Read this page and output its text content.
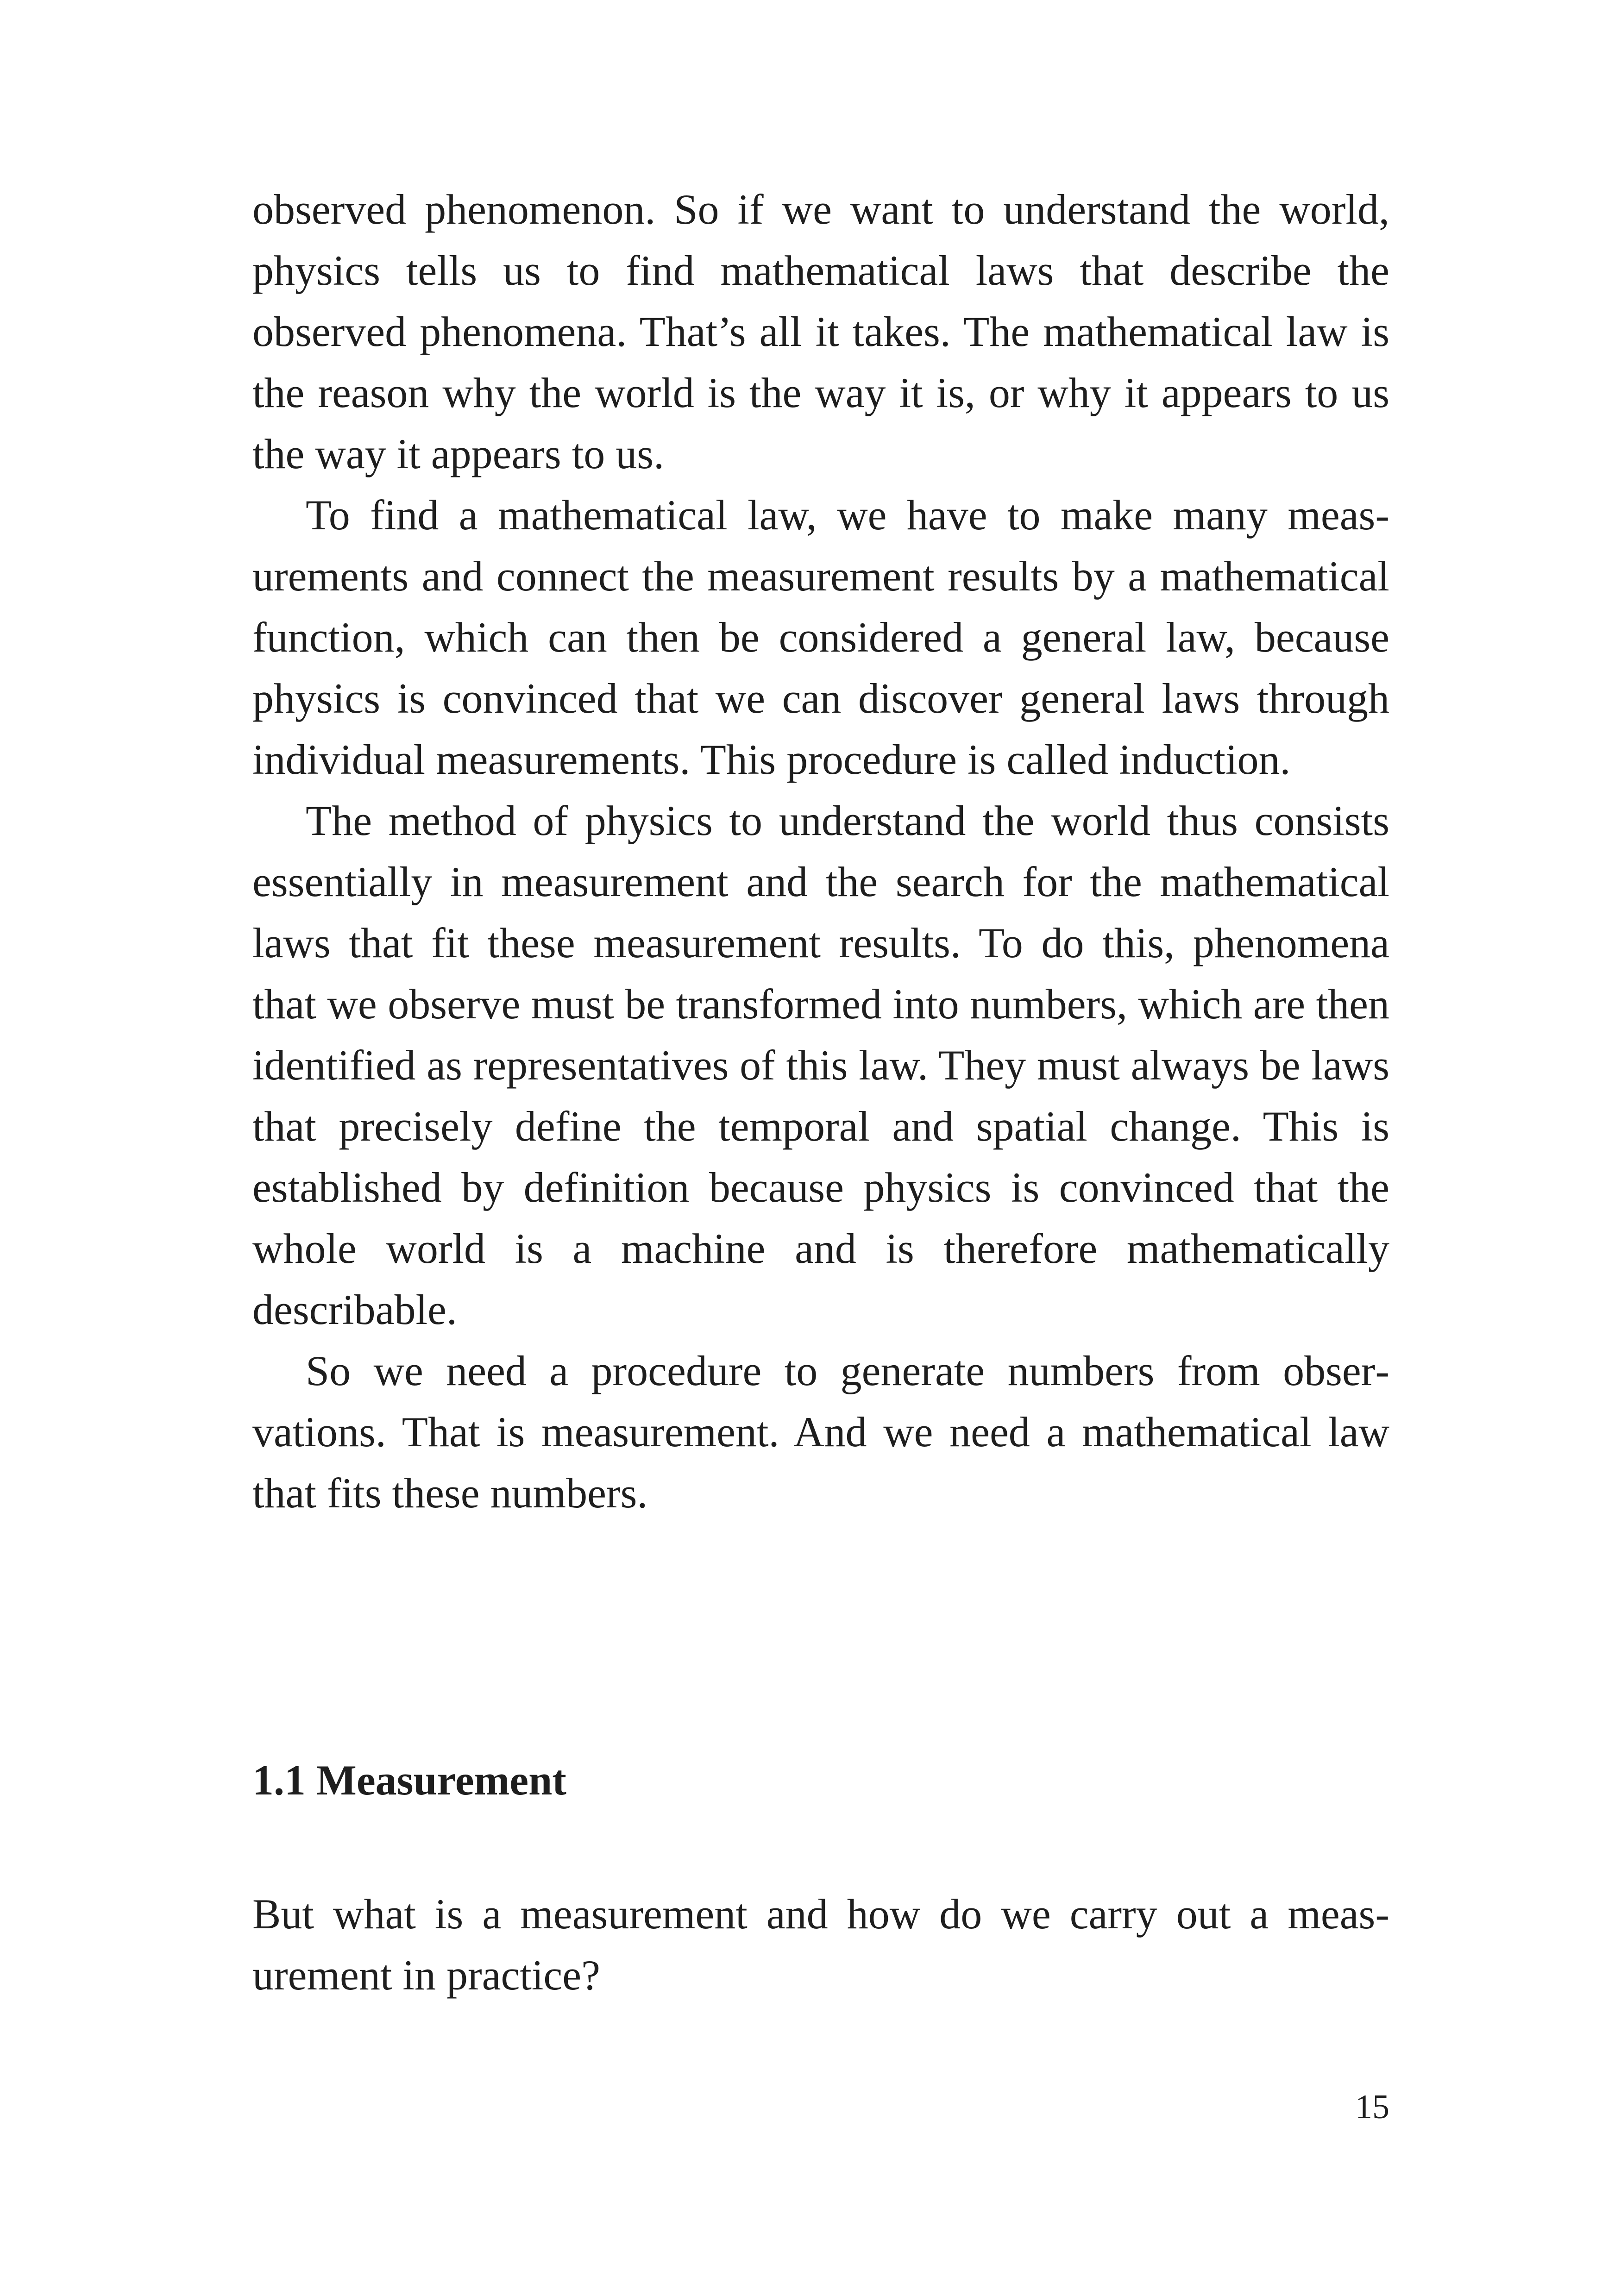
observed phenomenon. So if we want to understand the world, physics tells us to find mathematical laws that describe the observed phenomena. That’s all it takes. The mathematical law is the reason why the world is the way it is, or why it appears to us the way it appears to us.

To find a mathematical law, we have to make many measurements and connect the measurement results by a mathematical function, which can then be considered a general law, because physics is convinced that we can discover general laws through individual measurements. This procedure is called induction.

The method of physics to understand the world thus consists essentially in measurement and the search for the mathematical laws that fit these measurement results. To do this, phenomena that we observe must be transformed into numbers, which are then identified as representatives of this law. They must always be laws that precisely define the temporal and spatial change. This is established by definition because physics is convinced that the whole world is a machine and is therefore mathematically describable.

So we need a procedure to generate numbers from observations. That is measurement. And we need a mathematical law that fits these numbers.

1.1 Measurement

But what is a measurement and how do we carry out a measurement in practice?

15
